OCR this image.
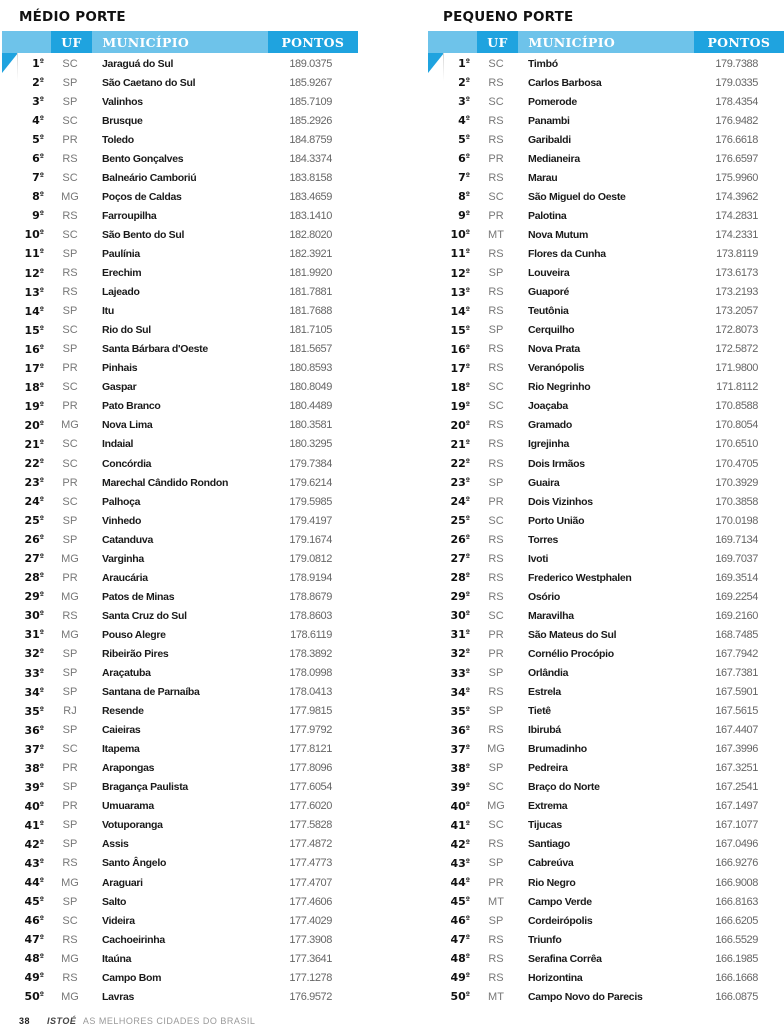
MÉDIO PORTE
UF	MUNICÍPIO	PONTOS
$1^º$	SC	Jaraguá do Sul	189.0375
$2^º$	SP	São Caetano do Sul	185.9267
$3^º$	SP	Valinhos	185.7109
$4^º$	SC	Brusque	185.2926
$5^º$	PR	Toledo	184.8759
$6^º$	RS	Bento Gonçalves	184.3374
$7^º$	SC	Balneário Camboriú	183.8158
$8^º$	MG	Poços de Caldas	183.4659
$9^º$	RS	Farroupilha	183.1410
$10^º$	SC	São Bento do Sul	182.8020
$11^º$	SP	Paulínia	182.3921
$12^º$	RS	Erechim	181.9920
$13^º$	RS	Lajeado	181.7881
$14^º$	SP	Itu	181.7688
$15^º$	SC	Rio do Sul	181.7105
$16^º$	SP	Santa Bárbara d'Oeste	181.5657
$17^º$	PR	Pinhais	180.8593
$18^º$	SC	Gaspar	180.8049
$19^º$	PR	Pato Branco	180.4489
$20^º$	MG	Nova Lima	180.3581
$21^º$	SC	Indaial	180.3295
$22^º$	SC	Concórdia	179.7384
$23^º$	PR	Marechal Cândido Rondon	179.6214
$24^º$	SC	Palhoça	179.5985
$25^º$	SP	Vinhedo	179.4197
$26^º$	SP	Catanduva	179.1674
$27^º$	MG	Varginha	179.0812
$28^º$	PR	Araucária	178.9194
$29^º$	MG	Patos de Minas	178.8679
$30^º$	RS	Santa Cruz do Sul	178.8603
$31^º$	MG	Pouso Alegre	178.6119
$32^º$	SP	Ribeirão Pires	178.3892
$33^º$	SP	Araçatuba	178.0998
$34^º$	SP	Santana de Parnaíba	178.0413
$35^º$	RJ	Resende	177.9815
$36^º$	SP	Caieiras	177.9792
$37^º$	SC	Itapema	177.8121
$38^º$	PR	Arapongas	177.8096
$39^º$	SP	Bragança Paulista	177.6054
$40^º$	PR	Umuarama	177.6020
$41^º$	SP	Votuporanga	177.5828
$42^º$	SP	Assis	177.4872
$43^º$	RS	Santo Ângelo	177.4773
$44^º$	MG	Araguari	177.4707
$45^º$	SP	Salto	177.4606
$46^º$	SC	Videira	177.4029
$47^º$	RS	Cachoeirinha	177.3908
$48^º$	MG	Itaúna	177.3641
$49^º$	RS	Campo Bom	177.1278
$50^º$	MG	Lavras	176.9572
PEQUENO PORTE
UF	MUNICÍPIO	PONTOS
$1^º$	SC	Timbó	179.7388
$2^º$	RS	Carlos Barbosa	179.0335
$3^º$	SC	Pomerode	178.4354
$4^º$	RS	Panambi	176.9482
$5^º$	RS	Garibaldi	176.6618
$6^º$	PR	Medianeira	176.6597
$7^º$	RS	Marau	175.9960
$8^º$	SC	São Miguel do Oeste	174.3962
$9^º$	PR	Palotina	174.2831
$10^º$	MT	Nova Mutum	174.2331
$11^º$	RS	Flores da Cunha	173.8119
$12^º$	SP	Louveira	173.6173
$13^º$	RS	Guaporé	173.2193
$14^º$	RS	Teutônia	173.2057
$15^º$	SP	Cerquilho	172.8073
$16^º$	RS	Nova Prata	172.5872
$17^º$	RS	Veranópolis	171.9800
$18^º$	SC	Rio Negrinho	171.8112
$19^º$	SC	Joaçaba	170.8588
$20^º$	RS	Gramado	170.8054
$21^º$	RS	Igrejinha	170.6510
$22^º$	RS	Dois Irmãos	170.4705
$23^º$	SP	Guaira	170.3929
$24^º$	PR	Dois Vizinhos	170.3858
$25^º$	SC	Porto União	170.0198
$26^º$	RS	Torres	169.7134
$27^º$	RS	Ivoti	169.7037
$28^º$	RS	Frederico Westphalen	169.3514
$29^º$	RS	Osório	169.2254
$30^º$	SC	Maravilha	169.2160
$31^º$	PR	São Mateus do Sul	168.7485
$32^º$	PR	Cornélio Procópio	167.7942
$33^º$	SP	Orlândia	167.7381
$34^º$	RS	Estrela	167.5901
$35^º$	SP	Tietê	167.5615
$36^º$	RS	Ibirubá	167.4407
$37^º$	MG	Brumadinho	167.3996
$38^º$	SP	Pedreira	167.3251
$39^º$	SC	Braço do Norte	167.2541
$40^º$	MG	Extrema	167.1497
$41^º$	SC	Tijucas	167.1077
$42^º$	RS	Santiago	167.0496
$43^º$	SP	Cabreúva	166.9276
$44^º$	PR	Rio Negro	166.9008
$45^º$	MT	Campo Verde	166.8163
$46^º$	SP	Cordeirópolis	166.6205
$47^º$	RS	Triunfo	166.5529
$48^º$	RS	Serafina Corrêa	166.1985
$49^º$	RS	Horizontina	166.1668
$50^º$	MT	Campo Novo do Parecis	166.0875
38 ISTOÉ AS MELHORES CIDADES DO BRASIL
